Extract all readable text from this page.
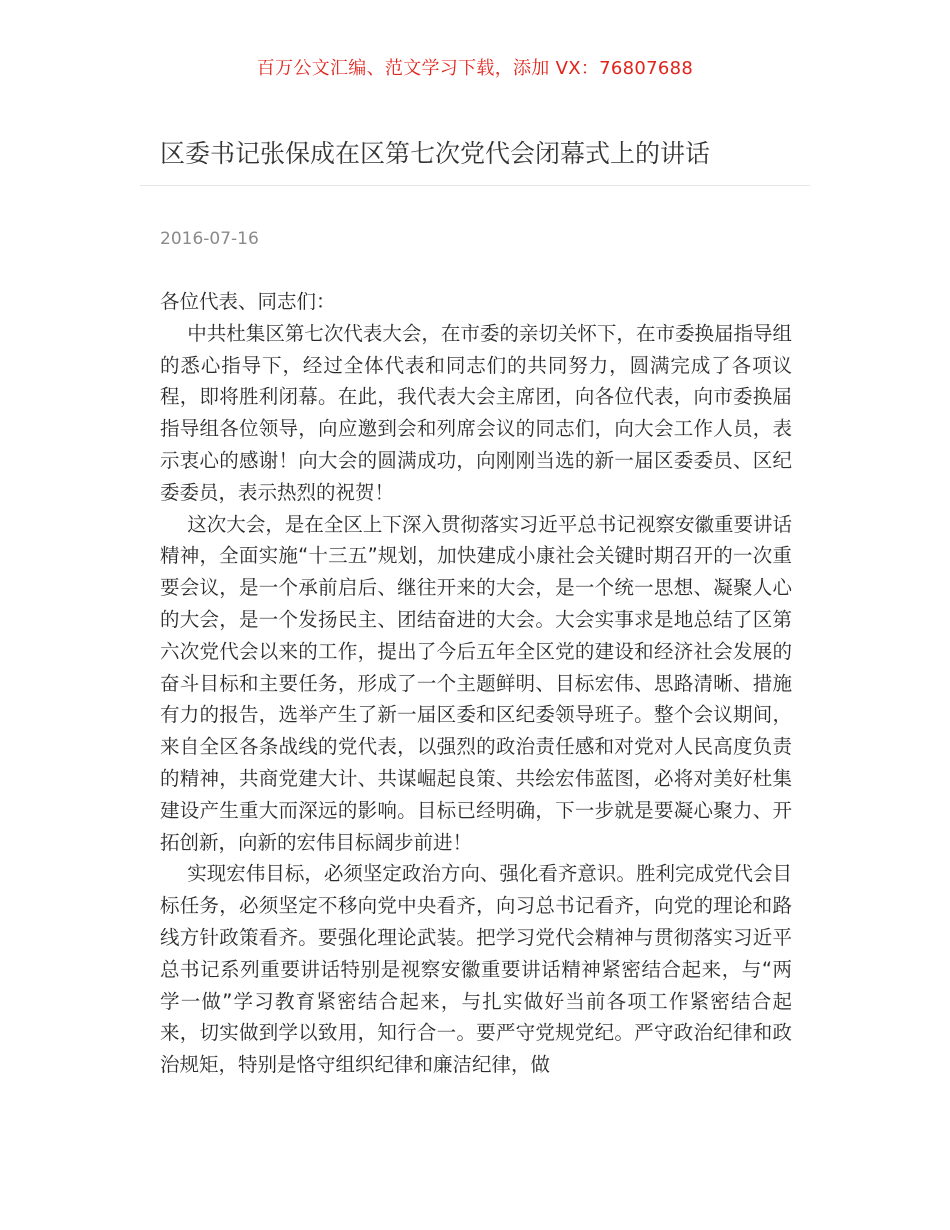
百万公文汇编、范文学习下载，添加 VX：76807688
区委书记张保成在区第七次党代会闭幕式上的讲话
2016-07-16

各位代表、同志们：

中共杜集区第七次代表大会，在市委的亲切关怀下，在市委换届指导组的悉心指导下，经过全体代表和同志们的共同努力，圆满完成了各项议程，即将胜利闭幕。在此，我代表大会主席团，向各位代表，向市委换届指导组各位领导，向应邀到会和列席会议的同志们，向大会工作人员，表示衷心的感谢！向大会的圆满成功，向刚刚当选的新一届区委委员、区纪委委员，表示热烈的祝贺！

这次大会，是在全区上下深入贯彻落实习近平总书记视察安徽重要讲话精神，全面实施“十三五”规划，加快建成小康社会关键时期召开的一次重要会议，是一个承前启后、继往开来的大会，是一个统一思想、凝聚人心的大会，是一个发扬民主、团结奋进的大会。大会实事求是地总结了区第六次党代会以来的工作，提出了今后五年全区党的建设和经济社会发展的奋斗目标和主要任务，形成了一个主题鲜明、目标宏伟、思路清晰、措施有力的报告，选举产生了新一届区委和区纪委领导班子。整个会议期间，来自全区各条战线的党代表，以强烈的政治责任感和对党对人民高度负责的精神，共商党建大计、共谋崛起良策、共绘宏伟蓝图，必将对美好杜集建设产生重大而深远的影响。目标已经明确，下一步就是要凝心聚力、开拓创新，向新的宏伟目标阔步前进！

实现宏伟目标，必须坚定政治方向、强化看齐意识。胜利完成党代会目标任务，必须坚定不移向党中央看齐，向习总书记看齐，向党的理论和路线方针政策看齐。要强化理论武装。把学习党代会精神与贯彻落实习近平总书记系列重要讲话特别是视察安徽重要讲话精神紧密结合起来，与“两学一做”学习教育紧密结合起来，与扎实做好当前各项工作紧密结合起来，切实做到学以致用，知行合一。要严守党规党纪。严守政治纪律和政治规矩，特别是恪守组织纪律和廉洁纪律，做
